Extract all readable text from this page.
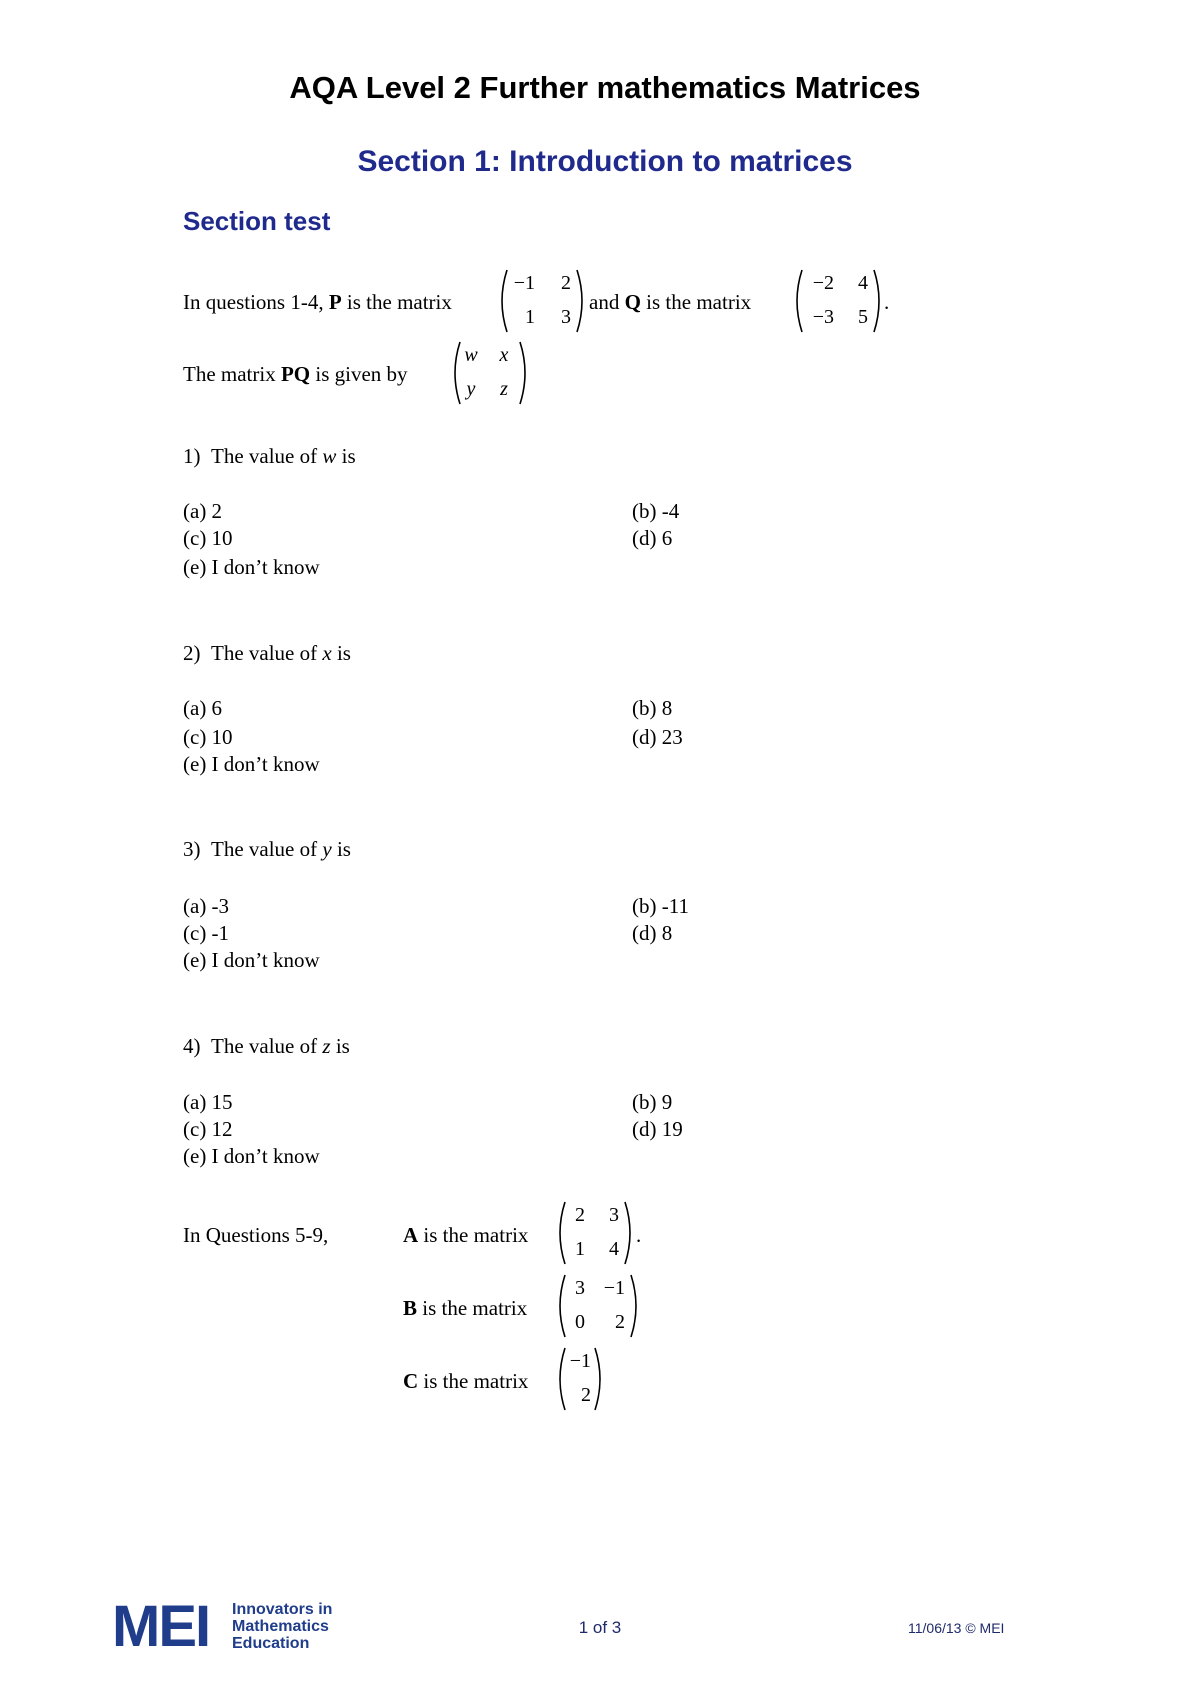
AQA Level 2 Further mathematics Matrices
Section 1: Introduction to matrices
Section test
In questions 1-4, P is the matrix
−1	2
1	3
and Q is the matrix
−2	4
−3	5
.
The matrix PQ is given by
w x
y z
1) The value of w is
(a) 2	(b) -4
(c) 10	(d) 6
(e) I don’t know
2) The value of x is
(a) 6	(b) 8
(c) 10	(d) 23
(e) I don’t know
3) The value of y is
(a) -3	(b) -11
(c) -1	(d) 8
(e) I don’t know
4) The value of z is
(a) 15	(b) 9
(c) 12	(d) 19
(e) I don’t know
In Questions 5-9,	A is the matrix
2	3
1	4
.
B is the matrix
3 −1
0	2
C is the matrix
−1
2
MEI Innovators in
Mathematics
Education
1 of 3	11/06/13 © MEI
